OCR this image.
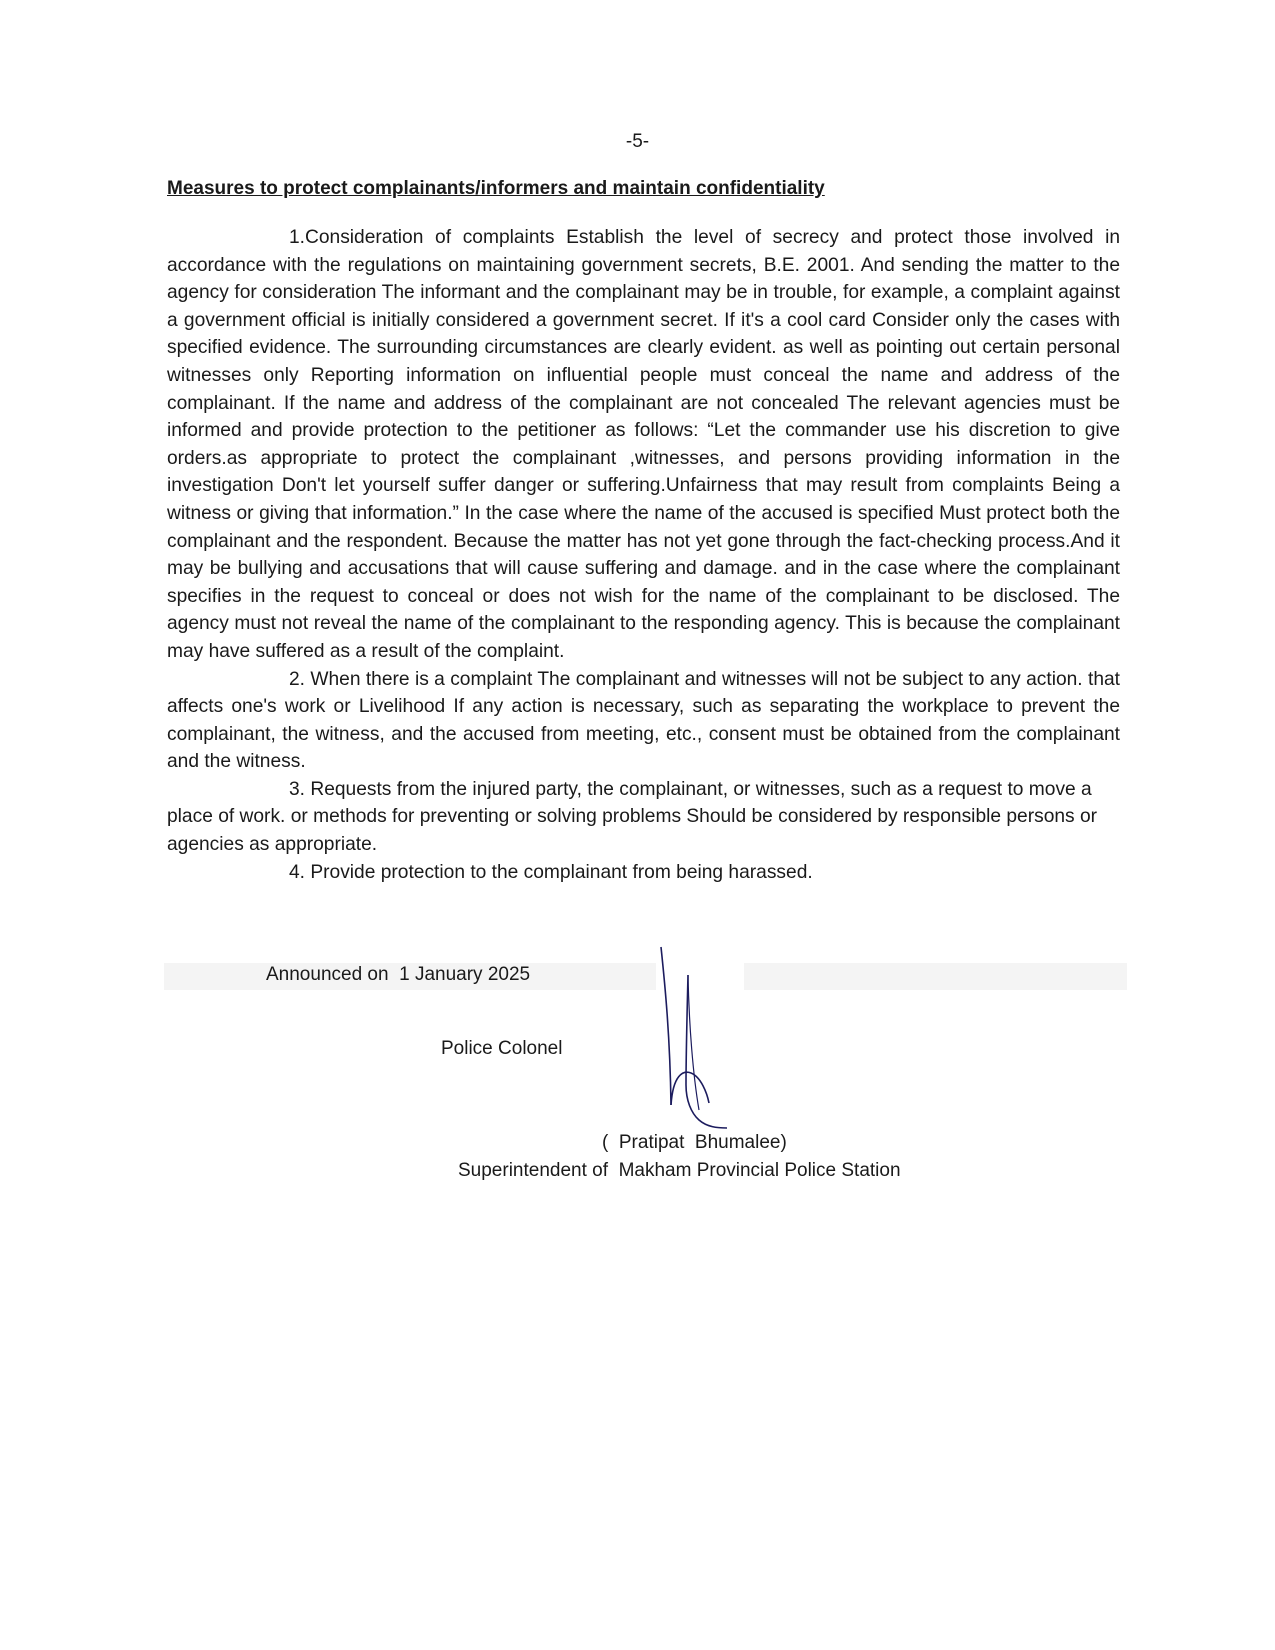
-5-
Measures to protect complainants/informers and maintain confidentiality

1.Consideration of complaints Establish the level of secrecy and protect those involved in accordance with the regulations on maintaining government secrets, B.E. 2001. And sending the matter to the agency for consideration The informant and the complainant may be in trouble, for example, a complaint against a government official is initially considered a government secret. If it's a cool card Consider only the cases with specified evidence. The surrounding circumstances are clearly evident. as well as pointing out certain personal witnesses only Reporting information on influential people must conceal the name and address of the complainant. If the name and address of the complainant are not concealed The relevant agencies must be informed and provide protection to the petitioner as follows: “Let the commander use his discretion to give orders.as appropriate to protect the complainant ,witnesses, and persons providing information in the investigation Don't let yourself suffer danger or suffering.Unfairness that may result from complaints Being a witness or giving that information.” In the case where the name of the accused is specified Must protect both the complainant and the respondent. Because the matter has not yet gone through the fact-checking process.And it may be bullying and accusations that will cause suffering and damage. and in the case where the complainant specifies in the request to conceal or does not wish for the name of the complainant to be disclosed. The agency must not reveal the name of the complainant to the responding agency. This is because the complainant may have suffered as a result of the complaint.

2. When there is a complaint The complainant and witnesses will not be subject to any action. that affects one's work or Livelihood If any action is necessary, such as separating the workplace to prevent the complainant, the witness, and the accused from meeting, etc., consent must be obtained from the complainant and the witness.

3. Requests from the injured party, the complainant, or witnesses, such as a request to move a place of work. or methods for preventing or solving problems Should be considered by responsible persons or agencies as appropriate.

4. Provide protection to the complainant from being harassed.

Announced on  1 January 2025
Police Colonel
(  Pratipat  Bhumalee)
Superintendent of  Makham Provincial Police Station
